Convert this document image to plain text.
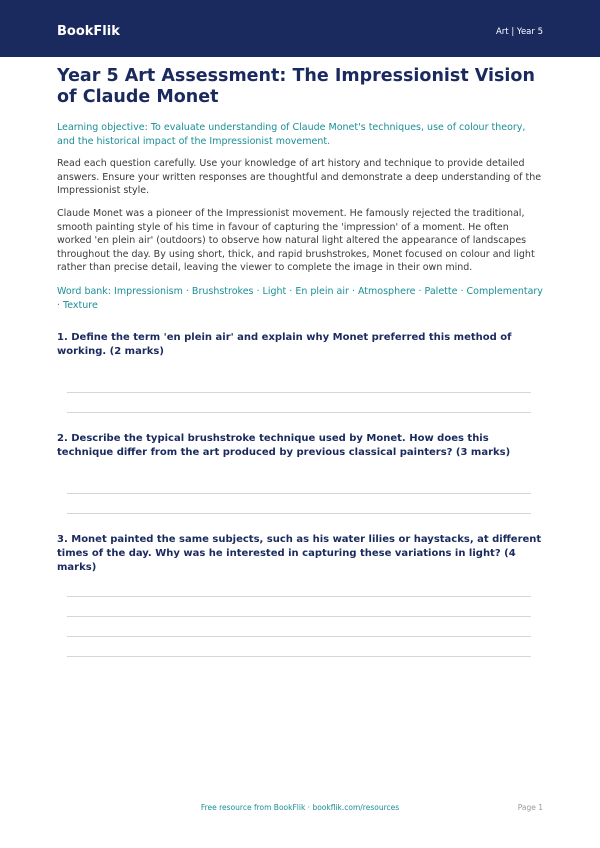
BookFlik	Art | Year 5
Year 5 Art Assessment: The Impressionist Vision of Claude Monet

Learning objective: To evaluate understanding of Claude Monet's techniques, use of colour theory, and the historical impact of the Impressionist movement.

Read each question carefully. Use your knowledge of art history and technique to provide detailed answers. Ensure your written responses are thoughtful and demonstrate a deep understanding of the Impressionist style.

Claude Monet was a pioneer of the Impressionist movement. He famously rejected the traditional, smooth painting style of his time in favour of capturing the 'impression' of a moment. He often worked 'en plein air' (outdoors) to observe how natural light altered the appearance of landscapes throughout the day. By using short, thick, and rapid brushstrokes, Monet focused on colour and light rather than precise detail, leaving the viewer to complete the image in their own mind.

Word bank: Impressionism · Brushstrokes · Light · En plein air · Atmosphere · Palette · Complementary · Texture

1. Define the term 'en plein air' and explain why Monet preferred this method of working. (2 marks)

2. Describe the typical brushstroke technique used by Monet. How does this technique differ from the art produced by previous classical painters? (3 marks)

3. Monet painted the same subjects, such as his water lilies or haystacks, at different times of the day. Why was he interested in capturing these variations in light? (4 marks)

Free resource from BookFlik · bookflik.com/resources	Page 1
